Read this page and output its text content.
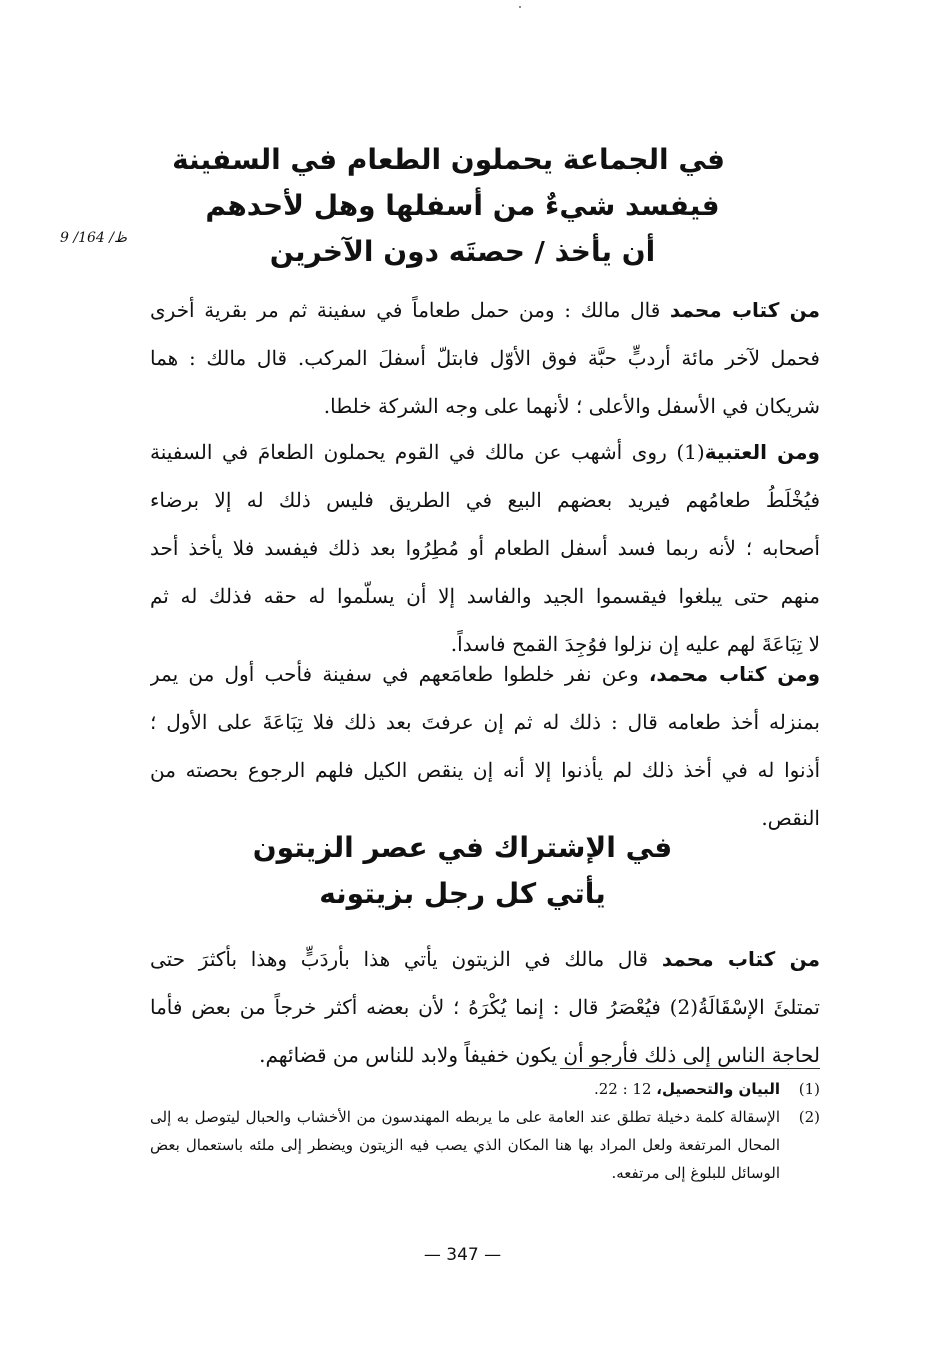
9 /164 /ظ
في الجماعة يحملون الطعام في السفينة
فيفسد شيءٌ من أسفلها وهل لأحدهم
أن يأخذ / حصتَه دون الآخرين
من كتاب محمد قال مالك : ومن حمل طعاماً في سفينة ثم مر بقرية أخرى
فحمل لآخر مائة أردبٍّ حبَّة فوق الأوّل فابتلّ أسفلَ المركب. قال مالك : هما
شريكان في الأسفل والأعلى ؛ لأنهما على وجه الشركة خلطا.
ومن العتبية(1) روى أشهب عن مالك في القوم يحملون الطعامَ في السفينة
فيُخْلَطُ طعامُهم فيريد بعضهم البيع في الطريق فليس ذلك له إلا برضاء
أصحابه ؛ لأنه ربما فسد أسفل الطعام أو مُطِرُوا بعد ذلك فيفسد فلا يأخذ أحد
منهم حتى يبلغوا فيقسموا الجيد والفاسد إلا أن يسلّموا له حقه فذلك له ثم
لا تِبَاعَةَ لهم عليه إن نزلوا فوُجِدَ القمح فاسداً.
ومن كتاب محمد، وعن نفر خلطوا طعامَعهم في سفينة فأحب أول من يمر
بمنزله أخذ طعامه قال : ذلك له ثم إن عرفتَ بعد ذلك فلا تِبَاعَةَ على الأول ؛
أذنوا له في أخذ ذلك لم يأذنوا إلا أنه إن ينقص الكيل فلهم الرجوع بحصته من
النقص.
في الإشتراك في عصر الزيتون
يأتي كل رجل بزيتونه
من كتاب محمد قال مالك في الزيتون يأتي هذا بأردَبٍّ وهذا بأكثرَ حتى
تمتلئَ الإسْقَالَةُ(2) فيُعْصَرُ قال : إنما يُكْرَهُ ؛ لأن بعضه أكثر خرجاً من بعض فأما
لحاجة الناس إلى ذلك فأرجو أن يكون خفيفاً ولابد للناس من قضائهم.
(1)
البيان والتحصيل، 12 : 22.
(2)
الإسقالة كلمة دخيلة تطلق عند العامة على ما يربطه المهندسون من الأخشاب والحبال ليتوصل به إلى المحال المرتفعة ولعل المراد بها هنا المكان الذي يصب فيه الزيتون ويضطر إلى ملئه باستعمال بعض الوسائل للبلوغ إلى مرتفعه.
— 347 —
